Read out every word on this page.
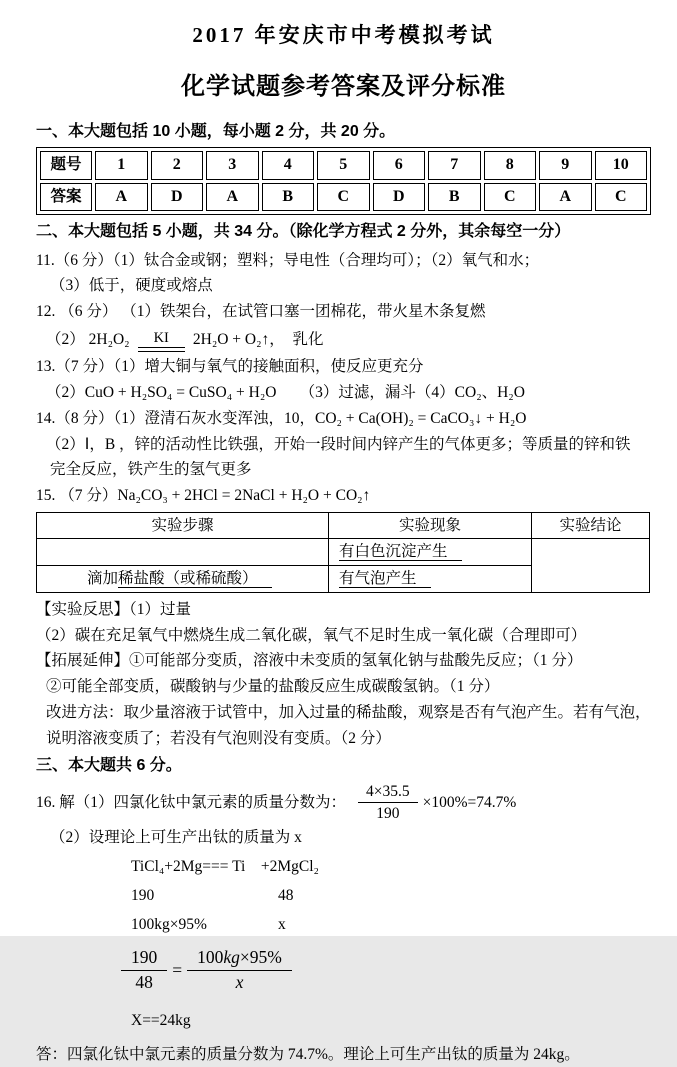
2017 年安庆市中考模拟考试
化学试题参考答案及评分标准
一、本大题包括 10 小题，每小题 2 分，共 20 分。
题号	1	2	3	4	5	6	7	8	9	10
答案	A	D	A	B	C	D	B	C	A	C
二、本大题包括 5 小题，共 34 分。（除化学方程式 2 分外，其余每空一分）
11.（6 分）（1）钛合金或钢；塑料；导电性（合理均可）；（2）氧气和水；
（3）低于，硬度或熔点
12. （6 分） （1）铁架台，在试管口塞一团棉花，带火星木条复燃
（2） 2H₂O₂	KI	2H₂O + O₂↑ ，　乳化
13.（7 分）（1）增大铜与氧气的接触面积，使反应更充分
（2）CuO + H₂SO₄ = CuSO₄ + H₂O　　（3）过滤，漏斗（4）CO₂、H₂O
14.（8 分）（1）澄清石灰水变浑浊，10，CO₂ + Ca(OH)₂ = CaCO₃↓ + H₂O
（2）Ⅰ，B ，锌的活动性比铁强，开始一段时间内锌产生的气体更多；等质量的锌和铁
完全反应，铁产生的氢气更多
15. （7 分）Na₂CO₃ + 2HCl = 2NaCl + H₂O + CO₂↑
实验步骤	实验现象	实验结论
	有白色沉淀产生	
滴加稀盐酸（或稀硫酸）	有气泡产生	
【实验反思】（1）过量
（2）碳在充足氧气中燃烧生成二氧化碳，氧气不足时生成一氧化碳（合理即可）
【拓展延伸】①可能部分变质，溶液中未变质的氢氧化钠与盐酸先反应；（1 分）
②可能全部变质，碳酸钠与少量的盐酸反应生成碳酸氢钠。（1 分）
改进方法：取少量溶液于试管中，加入过量的稀盐酸，观察是否有气泡产生。若有气泡，
说明溶液变质了；若没有气泡则没有变质。（2 分）
三、本大题共 6 分。
16. 解（1）四氯化钛中氯元素的质量分数为： $\frac{4\times 35.5}{190} \times 100\%=74.7\%$
（2）设理论上可生产出钛的质量为 x
TiCl₄+2Mg=== Ti　+2MgCl₂
190	48
100kg×95%	x
$\frac{190}{48} = \frac{100kg\times 95\%}{x}$
X==24kg
答：四氯化钛中氯元素的质量分数为 74.7%。理论上可生产出钛的质量为 24kg。
